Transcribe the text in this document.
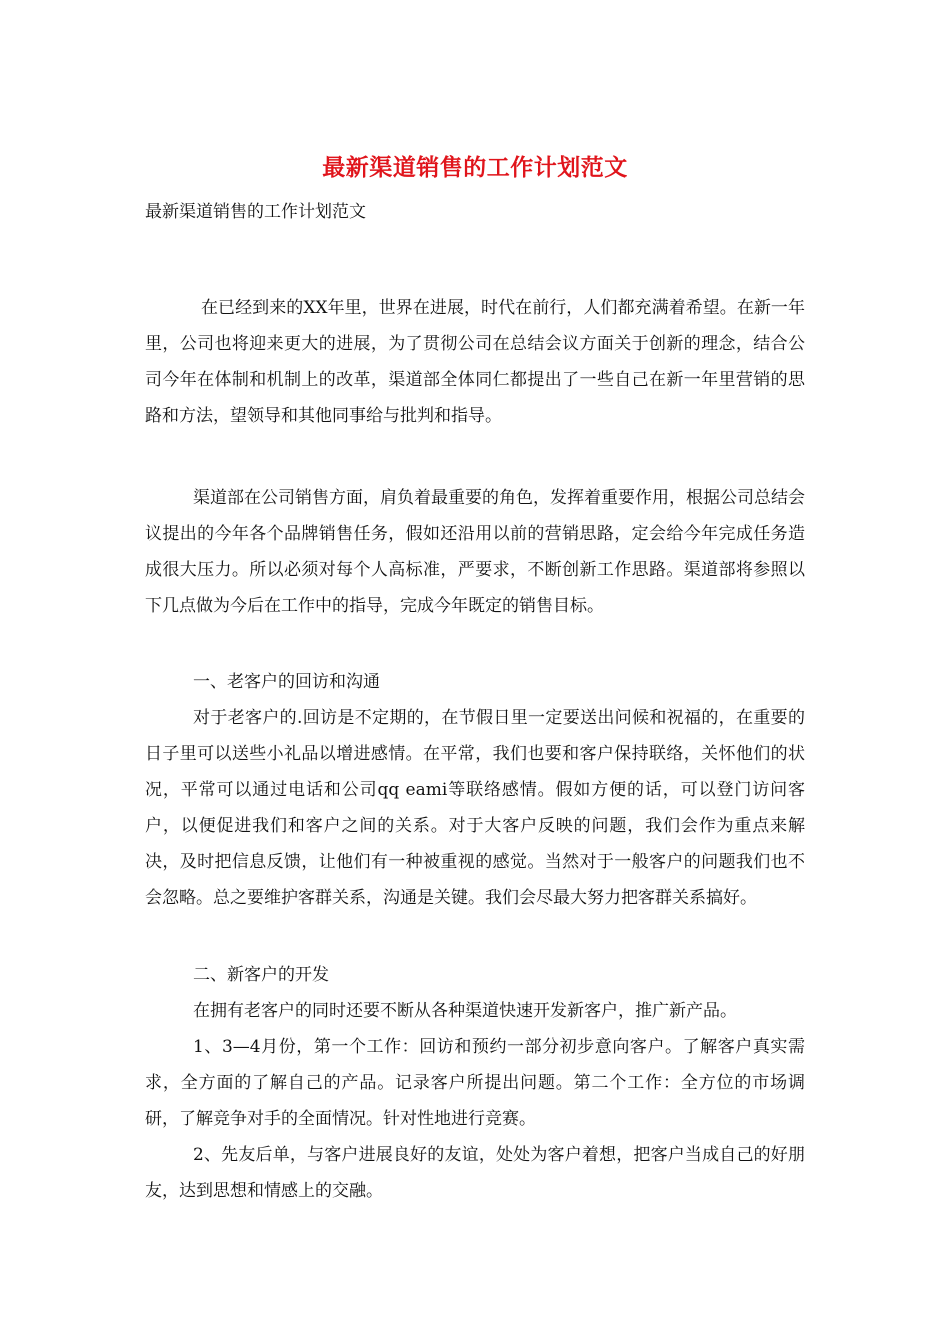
最新渠道销售的工作计划范文
最新渠道销售的工作计划范文

在已经到来的XX年里，世界在进展，时代在前行，人们都充满着希望。在新一年里，公司也将迎来更大的进展，为了贯彻公司在总结会议方面关于创新的理念，结合公司今年在体制和机制上的改革，渠道部全体同仁都提出了一些自己在新一年里营销的思路和方法，望领导和其他同事给与批判和指导。

渠道部在公司销售方面，肩负着最重要的角色，发挥着重要作用，根据公司总结会议提出的今年各个品牌销售任务，假如还沿用以前的营销思路，定会给今年完成任务造成很大压力。所以必须对每个人高标准，严要求，不断创新工作思路。渠道部将参照以下几点做为今后在工作中的指导，完成今年既定的销售目标。

一、老客户的回访和沟通

对于老客户的.回访是不定期的，在节假日里一定要送出问候和祝福的，在重要的日子里可以送些小礼品以增进感情。在平常，我们也要和客户保持联络，关怀他们的状况，平常可以通过电话和公司qq eami等联络感情。假如方便的话，可以登门访问客户，以便促进我们和客户之间的关系。对于大客户反映的问题，我们会作为重点来解决，及时把信息反馈，让他们有一种被重视的感觉。当然对于一般客户的问题我们也不会忽略。总之要维护客群关系，沟通是关键。我们会尽最大努力把客群关系搞好。

二、新客户的开发

在拥有老客户的同时还要不断从各种渠道快速开发新客户，推广新产品。

1、3—4月份，第一个工作：回访和预约一部分初步意向客户。了解客户真实需求，全方面的了解自己的产品。记录客户所提出问题。第二个工作：全方位的市场调研，了解竞争对手的全面情况。针对性地进行竞赛。

2、先友后单，与客户进展良好的友谊，处处为客户着想，把客户当成自己的好朋友，达到思想和情感上的交融。
